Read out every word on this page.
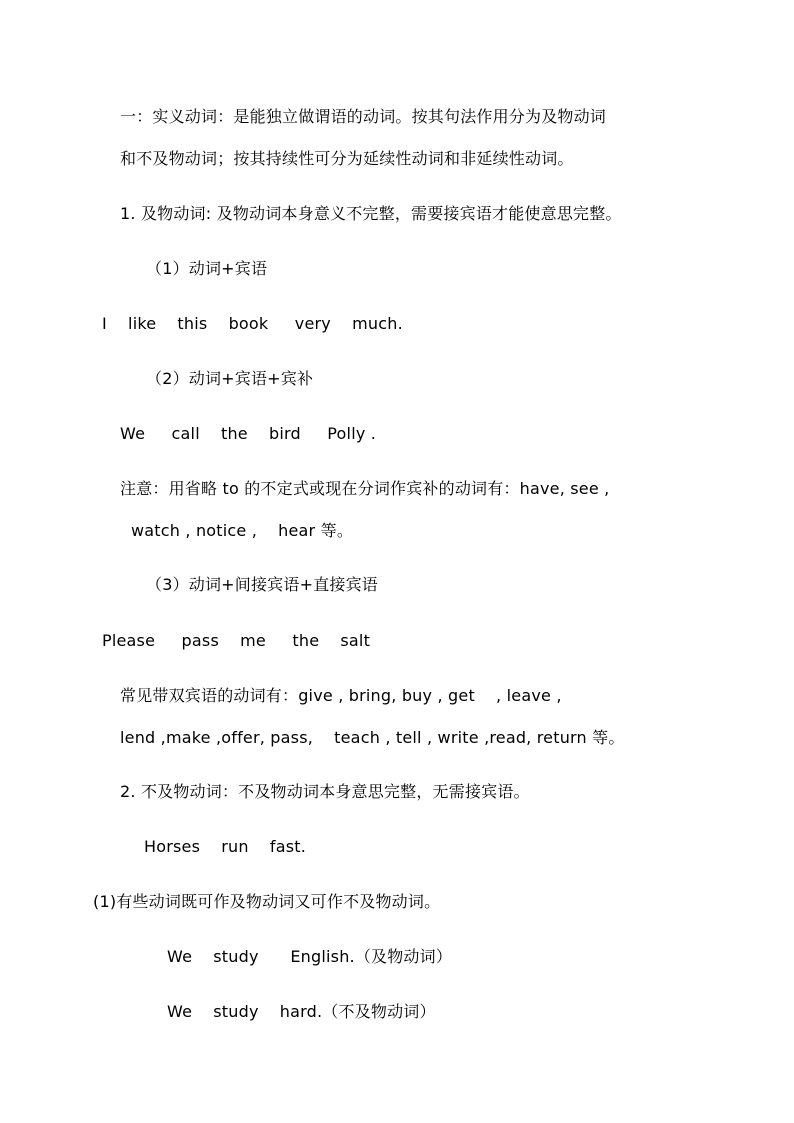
一：实义动词：是能独立做谓语的动词。按其句法作用分为及物动词
和不及物动词；按其持续性可分为延续性动词和非延续性动词。
1. 及物动词: 及物动词本身意义不完整，需要接宾语才能使意思完整。
（1）动词+宾语
I    like    this    book     very    much.
（2）动词+宾语+宾补
We     call    the    bird     Polly .
注意：用省略 to 的不定式或现在分词作宾补的动词有：have, see ,
watch , notice ,    hear 等。
（3）动词+间接宾语+直接宾语
Please     pass    me     the    salt
常见带双宾语的动词有：give , bring, buy , get    , leave ,
lend ,make ,offer, pass,    teach , tell , write ,read, return 等。
2. 不及物动词：不及物动词本身意思完整，无需接宾语。
Horses    run    fast.
(1)有些动词既可作及物动词又可作不及物动词。
We    study      English.（及物动词）
We    study    hard.（不及物动词）
